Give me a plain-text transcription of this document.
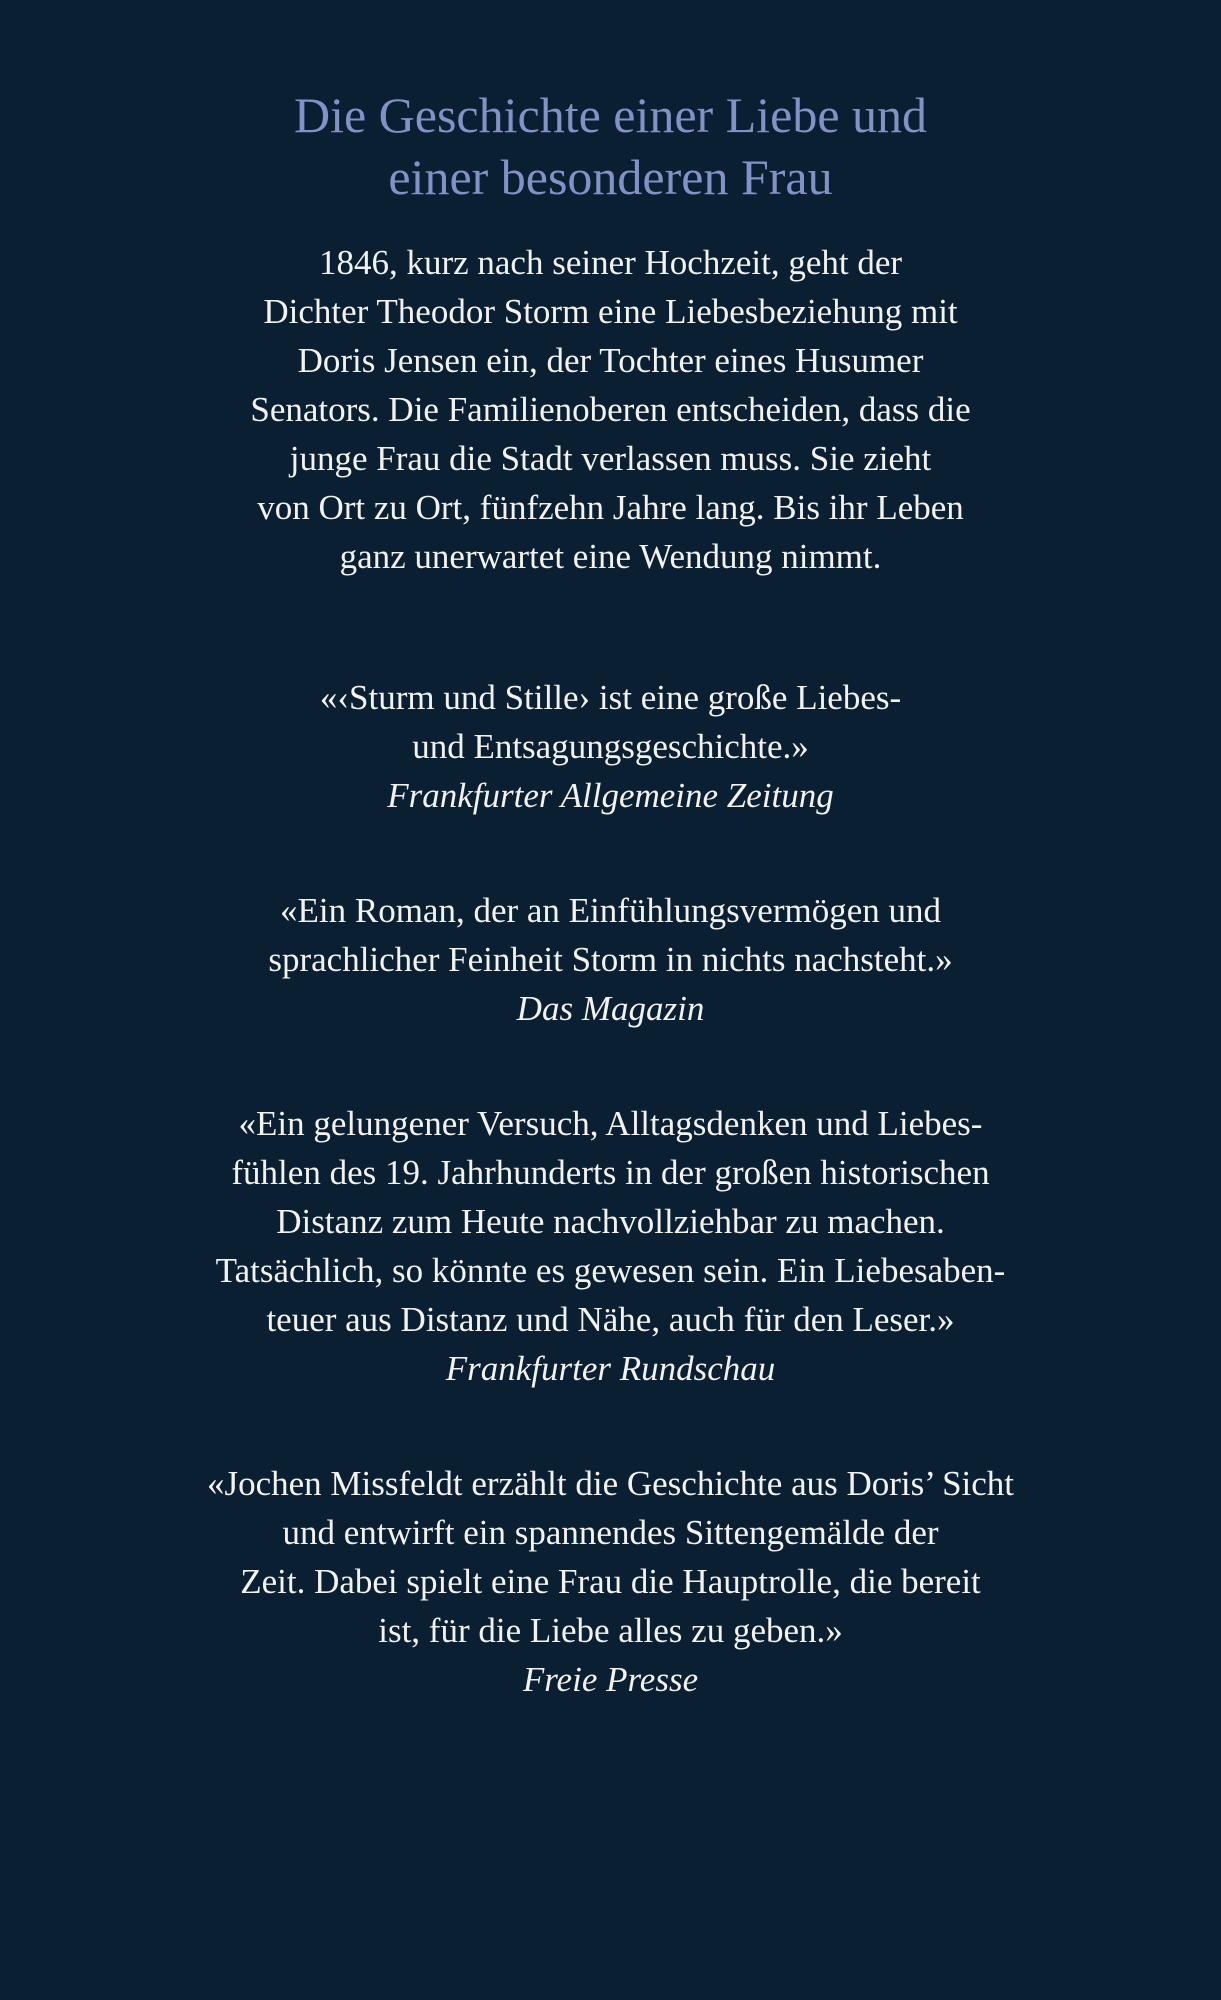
Die Geschichte einer Liebe und
einer besonderen Frau
1846, kurz nach seiner Hochzeit, geht der
Dichter Theodor Storm eine Liebesbeziehung mit
Doris Jensen ein, der Tochter eines Husumer
Senators. Die Familienoberen entscheiden, dass die
junge Frau die Stadt verlassen muss. Sie zieht
von Ort zu Ort, fünfzehn Jahre lang. Bis ihr Leben
ganz unerwartet eine Wendung nimmt.
«‹Sturm und Stille› ist eine große Liebes-
und Entsagungsgeschichte.»
Frankfurter Allgemeine Zeitung
«Ein Roman, der an Einfühlungsvermögen und
sprachlicher Feinheit Storm in nichts nachsteht.»
Das Magazin
«Ein gelungener Versuch, Alltagsdenken und Liebes-
fühlen des 19. Jahrhunderts in der großen historischen
Distanz zum Heute nachvollziehbar zu machen.
Tatsächlich, so könnte es gewesen sein. Ein Liebesaben-
teuer aus Distanz und Nähe, auch für den Leser.»
Frankfurter Rundschau
«Jochen Missfeldt erzählt die Geschichte aus Doris’ Sicht
und entwirft ein spannendes Sittengemälde der
Zeit. Dabei spielt eine Frau die Hauptrolle, die bereit
ist, für die Liebe alles zu geben.»
Freie Presse
